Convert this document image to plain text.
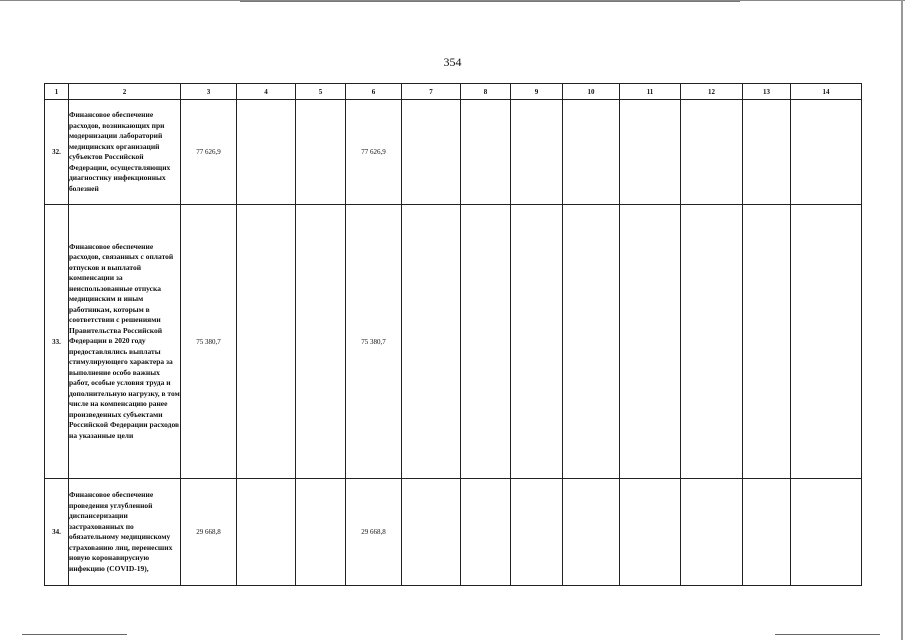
354
1	2	3	4	5	6	7	8	9	10	11	12	13	14
32.	Финансовое обеспечение расходов, возникающих при модернизации лабораторий медицинских организаций субъектов Российской Федерации, осуществляющих диагностику инфекционных болезней	77 626,9			77 626,9								
33.	Финансовое обеспечение расходов, связанных с оплатой отпусков и выплатой компенсации за неиспользованные отпуска медицинским и иным работникам, которым в соответствии с решениями Правительства Российской Федерации в 2020 году предоставлялись выплаты стимулирующего характера за выполнение особо важных работ, особые условия труда и дополнительную нагрузку, в том числе на компенсацию ранее произведенных субъектами Российской Федерации расходов на указанные цели	75 380,7			75 380,7								
34.	Финансовое обеспечение проведения углубленной диспансеризации застрахованных по обязательному медицинскому страхованию лиц, перенесших новую коронавирусную инфекцию (COVID-19),	29 668,8			29 668,8								
